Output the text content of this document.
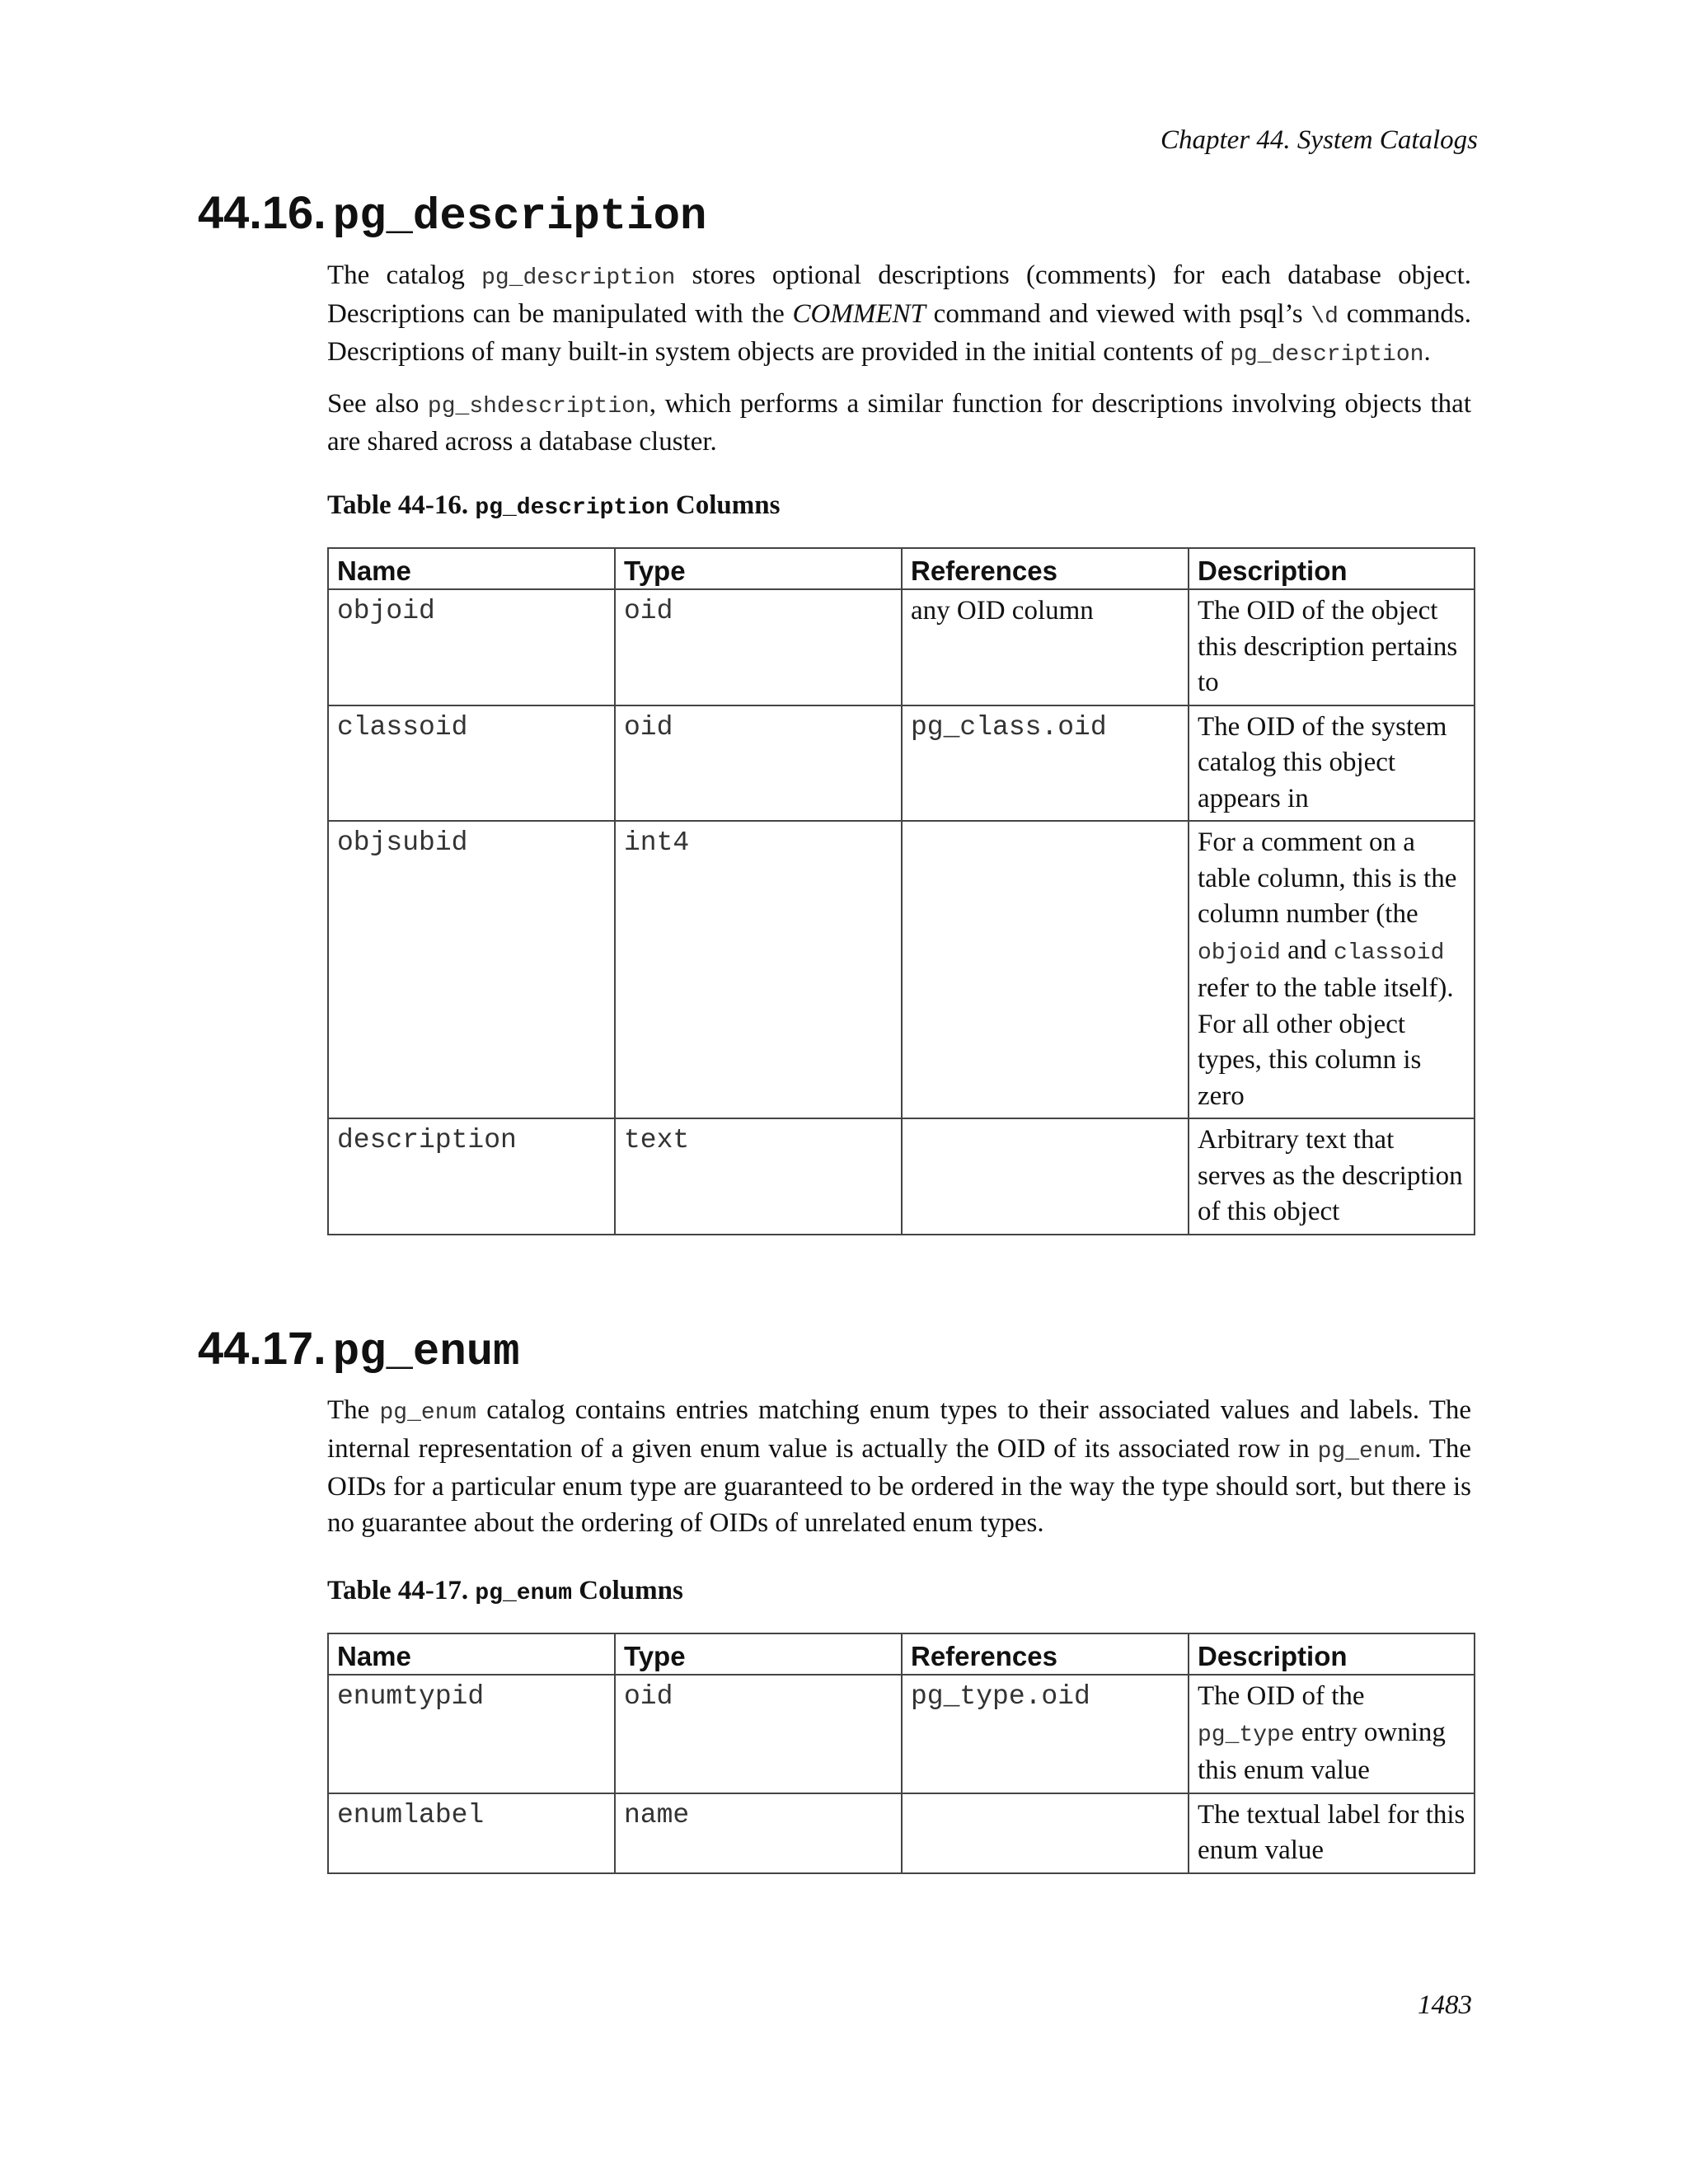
Chapter 44. System Catalogs
44.16. pg_description

The catalog pg_description stores optional descriptions (comments) for each database object. Descriptions can be manipulated with the COMMENT command and viewed with psql’s \d commands. Descriptions of many built-in system objects are provided in the initial contents of pg_description.

See also pg_shdescription, which performs a similar function for descriptions involving objects that are shared across a database cluster.

Table 44-16. pg_description Columns

Name	Type	References	Description
objoid	oid	any OID column	The OID of the object this description pertains to
classoid	oid	pg_class.oid	The OID of the system catalog this object appears in
objsubid	int4		For a comment on a table column, this is the column number (the objoid and classoid refer to the table itself). For all other object types, this column is zero
description	text		Arbitrary text that serves as the description of this object
44.17. pg_enum

The pg_enum catalog contains entries matching enum types to their associated values and labels. The internal representation of a given enum value is actually the OID of its associated row in pg_enum. The OIDs for a particular enum type are guaranteed to be ordered in the way the type should sort, but there is no guarantee about the ordering of OIDs of unrelated enum types.

Table 44-17. pg_enum Columns

Name	Type	References	Description
enumtypid	oid	pg_type.oid	The OID of the pg_type entry owning this enum value
enumlabel	name		The textual label for this enum value
1483
